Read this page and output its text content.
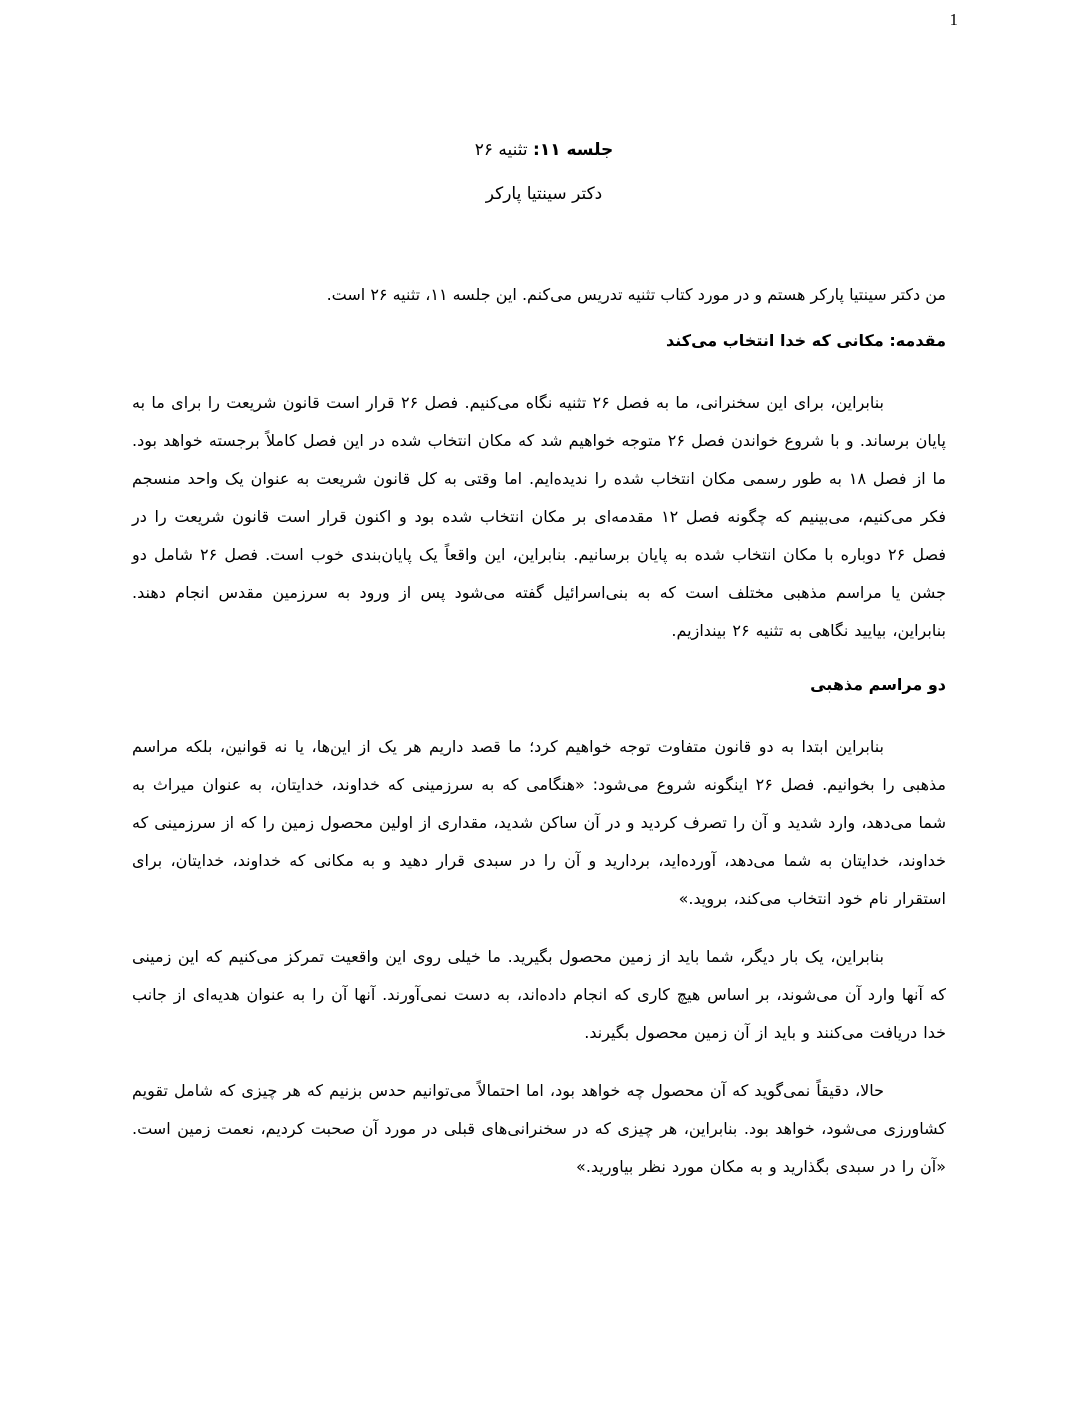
1
جلسه ۱۱: تثنیه ۲۶
دکتر سینتیا پارکر

من دکتر سینتیا پارکر هستم و در مورد کتاب تثنیه تدریس می‌کنم. این جلسه ۱۱، تثنیه ۲۶ است.

مقدمه: مکانی که خدا انتخاب می‌کند

بنابراین، برای این سخنرانی، ما به فصل ۲۶ تثنیه نگاه می‌کنیم. فصل ۲۶ قرار است قانون شریعت را برای ما به پایان برساند. و با شروع خواندن فصل ۲۶ متوجه خواهیم شد که مکان انتخاب شده در این فصل کاملاً برجسته خواهد بود. ما از فصل ۱۸ به طور رسمی مکان انتخاب شده را ندیده‌ایم. اما وقتی به کل قانون شریعت به عنوان یک واحد منسجم فکر می‌کنیم، می‌بینیم که چگونه فصل ۱۲ مقدمه‌ای بر مکان انتخاب شده بود و اکنون قرار است قانون شریعت را در فصل ۲۶ دوباره با مکان انتخاب شده به پایان برسانیم. بنابراین، این واقعاً یک پایان‌بندی خوب است. فصل ۲۶ شامل دو جشن یا مراسم مذهبی مختلف است که به بنی‌اسرائیل گفته می‌شود پس از ورود به سرزمین مقدس انجام دهند. بنابراین، بیایید نگاهی به تثنیه ۲۶ بیندازیم.

دو مراسم مذهبی

بنابراین ابتدا به دو قانون متفاوت توجه خواهیم کرد؛ ما قصد داریم هر یک از این‌ها، یا نه قوانین، بلکه مراسم مذهبی را بخوانیم. فصل ۲۶ اینگونه شروع می‌شود: «هنگامی که به سرزمینی که خداوند، خدایتان، به عنوان میراث به شما می‌دهد، وارد شدید و آن را تصرف کردید و در آن ساکن شدید، مقداری از اولین محصول زمین را که از سرزمینی که خداوند، خدایتان به شما می‌دهد، آورده‌اید، بردارید و آن را در سبدی قرار دهید و به مکانی که خداوند، خدایتان، برای استقرار نام خود انتخاب می‌کند، بروید.»

بنابراین، یک بار دیگر، شما باید از زمین محصول بگیرید. ما خیلی روی این واقعیت تمرکز می‌کنیم که این زمینی که آنها وارد آن می‌شوند، بر اساس هیچ کاری که انجام داده‌اند، به دست نمی‌آورند. آنها آن را به عنوان هدیه‌ای از جانب خدا دریافت می‌کنند و باید از آن زمین محصول بگیرند.

حالا، دقیقاً نمی‌گوید که آن محصول چه خواهد بود، اما احتمالاً می‌توانیم حدس بزنیم که هر چیزی که شامل تقویم کشاورزی می‌شود، خواهد بود. بنابراین، هر چیزی که در سخنرانی‌های قبلی در مورد آن صحبت کردیم، نعمت زمین است. «آن را در سبدی بگذارید و به مکان مورد نظر بیاورید.»
